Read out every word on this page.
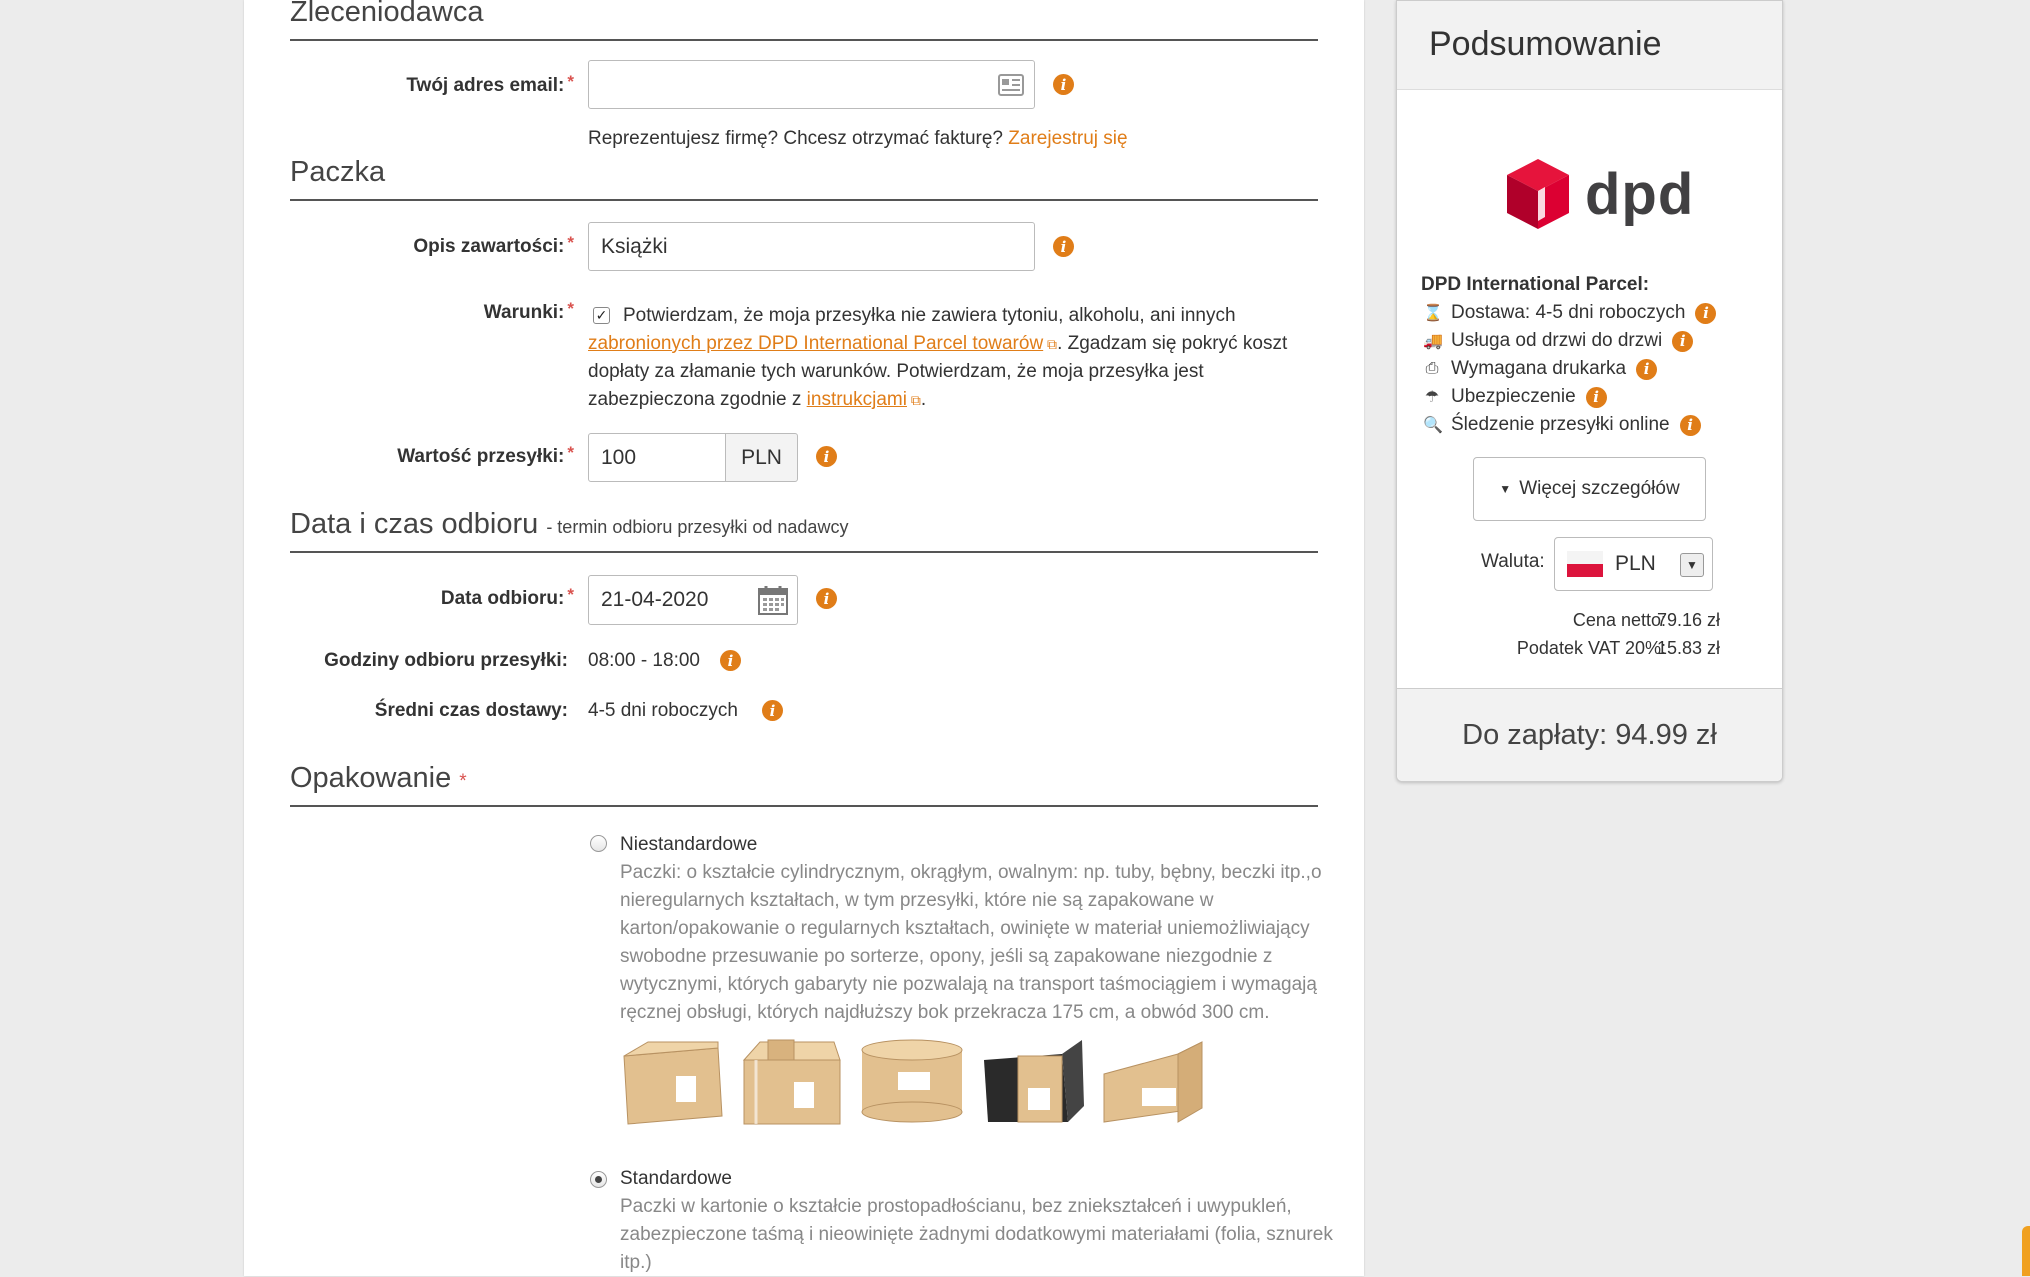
Zleceniodawca
Twój adres email: *	i
Reprezentujesz firmę? Chcesz otrzymać fakturę? Zarejestruj się
Paczka
Opis zawartości: * Książki	i
Warunki: * ✓ Potwierdzam, że moja przesyłka nie zawiera tytoniu, alkoholu, ani innych
zabronionych przez DPD International Parcel towarów ⧉. Zgadzam się pokryć koszt
dopłaty za złamanie tych warunków. Potwierdzam, że moja przesyłka jest
zabezpieczona zgodnie z instrukcjami ⧉.
Wartość przesyłki: * 100	PLN	i
Data i czas odbioru - termin odbioru przesyłki od nadawcy
Data odbioru: * 21-04-2020	i
Godziny odbioru przesyłki: 08:00 - 18:00	i
Średni czas dostawy: 4-5 dni roboczych	i
Opakowanie *
Niestandardowe
Paczki: o kształcie cylindrycznym, okrągłym, owalnym: np. tuby, bębny, beczki itp.,o
nieregularnych kształtach, w tym przesyłki, które nie są zapakowane w
karton/opakowanie o regularnych kształtach, owinięte w materiał uniemożliwiający
swobodne przesuwanie po sorterze, opony, jeśli są zapakowane niezgodnie z
wytycznymi, których gabaryty nie pozwalają na transport taśmociągiem i wymagają
ręcznej obsługi, których najdłuższy bok przekracza 175 cm, a obwód 300 cm.
Standardowe
Paczki w kartonie o kształcie prostopadłościanu, bez zniekształceń i uwypukleń,
zabezpieczone taśmą i nieowinięte żadnymi dodatkowymi materiałami (folia, sznurek
itp.)
Podsumowanie
dpd
DPD International Parcel:
⌛ Dostawa: 4-5 dni roboczych	i
🚚 Usługa od drzwi do drzwi	i
⎙ Wymagana drukarka	i
☂ Ubezpieczenie	i
🔍 Śledzenie przesyłki online	i
▼ Więcej szczegółów
Waluta:	PLN	▼
Cena netto:
79.16 zł
Podatek VAT 20%:
15.83 zł
Do zapłaty: 94.99 zł
